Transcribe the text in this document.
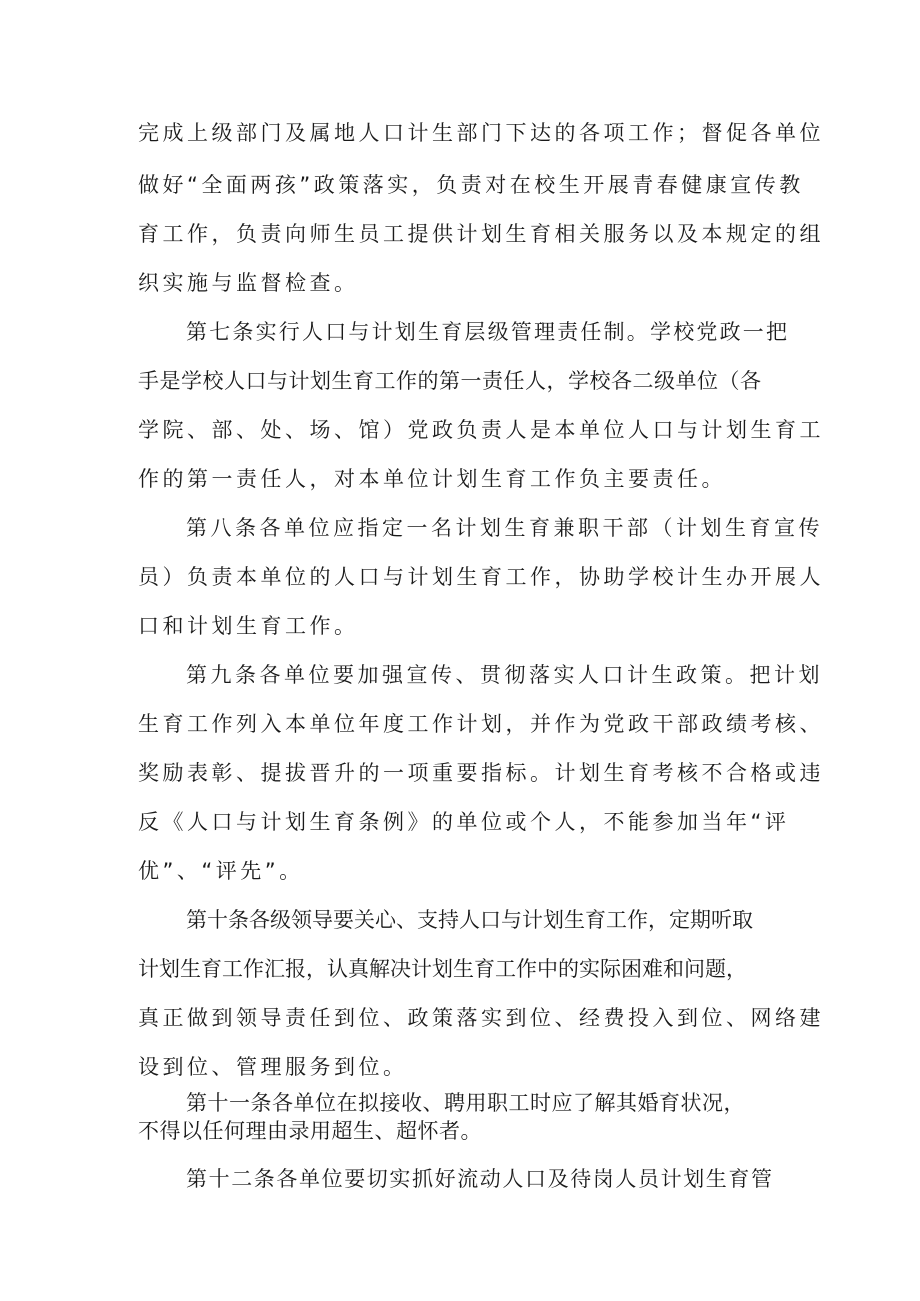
完成上级部门及属地人口计生部门下达的各项工作；督促各单位
做好“全面两孩”政策落实，负责对在校生开展青春健康宣传教
育工作，负责向师生员工提供计划生育相关服务以及本规定的组
织实施与监督检查。
第七条实行人口与计划生育层级管理责任制。学校党政一把
手是学校人口与计划生育工作的第一责任人，学校各二级单位（各
学院、部、处、场、馆）党政负责人是本单位人口与计划生育工
作的第一责任人，对本单位计划生育工作负主要责任。
第八条各单位应指定一名计划生育兼职干部（计划生育宣传
员）负责本单位的人口与计划生育工作，协助学校计生办开展人
口和计划生育工作。
第九条各单位要加强宣传、贯彻落实人口计生政策。把计划
生育工作列入本单位年度工作计划，并作为党政干部政绩考核、
奖励表彰、提拔晋升的一项重要指标。计划生育考核不合格或违
反《人口与计划生育条例》的单位或个人，不能参加当年“评
优”、“评先”。
第十条各级领导要关心、支持人口与计划生育工作，定期听取
计划生育工作汇报，认真解决计划生育工作中的实际困难和问题，
真正做到领导责任到位、政策落实到位、经费投入到位、网络建
设到位、管理服务到位。
第十一条各单位在拟接收、聘用职工时应了解其婚育状况，
不得以任何理由录用超生、超怀者。
第十二条各单位要切实抓好流动人口及待岗人员计划生育管
